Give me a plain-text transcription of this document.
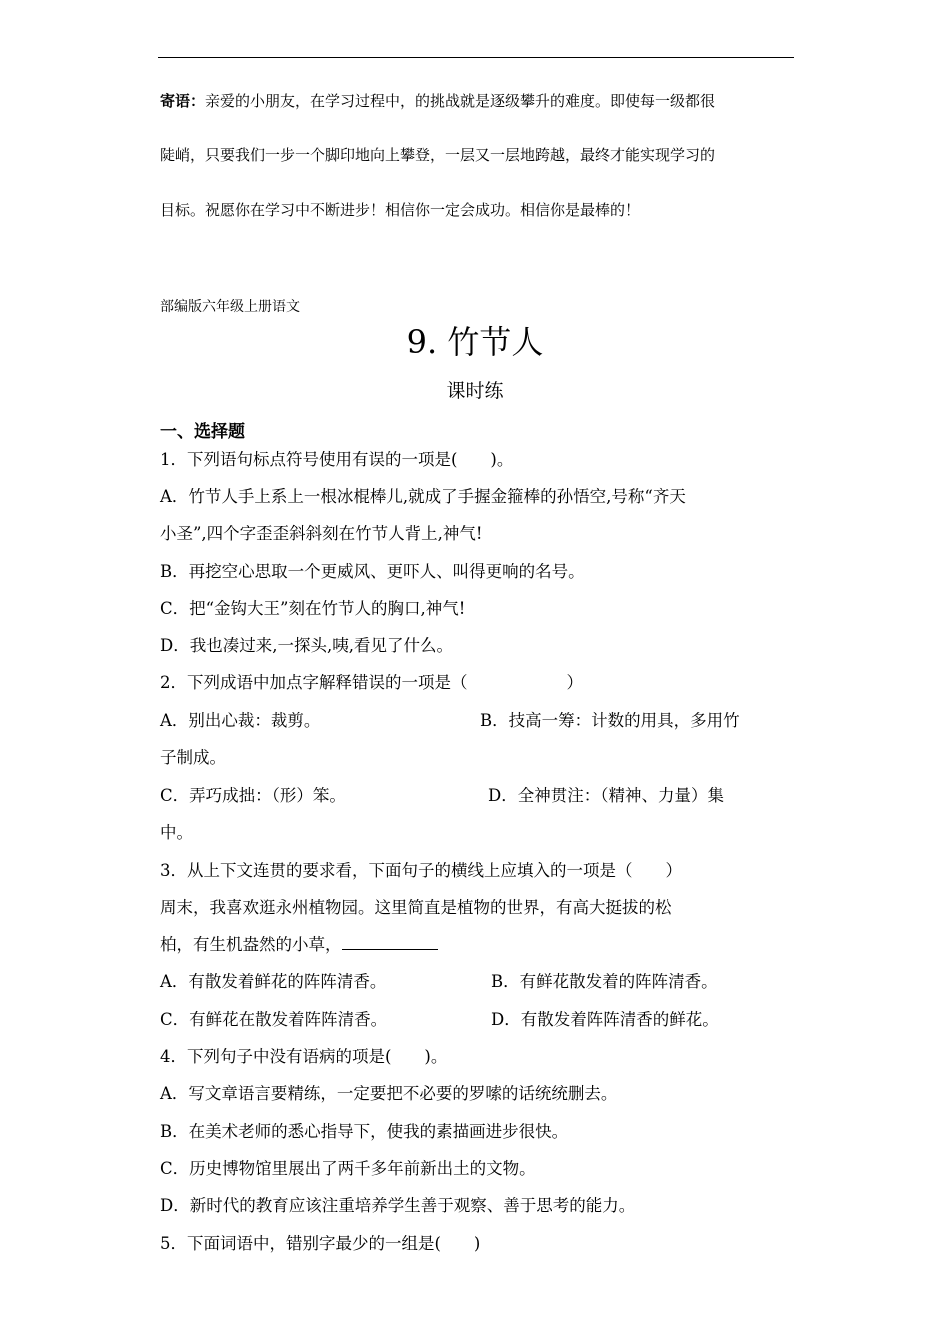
寄语：亲爱的小朋友，在学习过程中，的挑战就是逐级攀升的难度。即使每一级都很
陡峭，只要我们一步一个脚印地向上攀登，一层又一层地跨越，最终才能实现学习的
目标。祝愿你在学习中不断进步！相信你一定会成功。相信你是最棒的！
部编版六年级上册语文
9. 竹节人
课时练
一、选择题
1．下列语句标点符号使用有误的一项是(　　)。
A．竹节人手上系上一根冰棍棒儿,就成了手握金箍棒的孙悟空,号称“齐天
小圣”,四个字歪歪斜斜刻在竹节人背上,神气!
B．再挖空心思取一个更威风、更吓人、叫得更响的名号。
C．把“金钩大王”刻在竹节人的胸口,神气!
D．我也凑过来,一探头,咦,看见了什么。
2．下列成语中加点字解释错误的一项是（　　　　　　）
A．别出心裁：裁剪。	B．技高一筹：计数的用具，多用竹
子制成。
C．弄巧成拙：（形）笨。	D．全神贯注：（精神、力量）集
中。
3．从上下文连贯的要求看，下面句子的横线上应填入的一项是（　　）
周末，我喜欢逛永州植物园。这里简直是植物的世界，有高大挺拔的松
柏，有生机盎然的小草，
A．有散发着鲜花的阵阵清香。	B．有鲜花散发着的阵阵清香。
C．有鲜花在散发着阵阵清香。	D．有散发着阵阵清香的鲜花。
4．下列句子中没有语病的项是(　　)。
A．写文章语言要精练，一定要把不必要的罗嗦的话统统删去。
B．在美术老师的悉心指导下，使我的素描画进步很快。
C．历史博物馆里展出了两千多年前新出土的文物。
D．新时代的教育应该注重培养学生善于观察、善于思考的能力。
5．下面词语中，错别字最少的一组是(　　)
